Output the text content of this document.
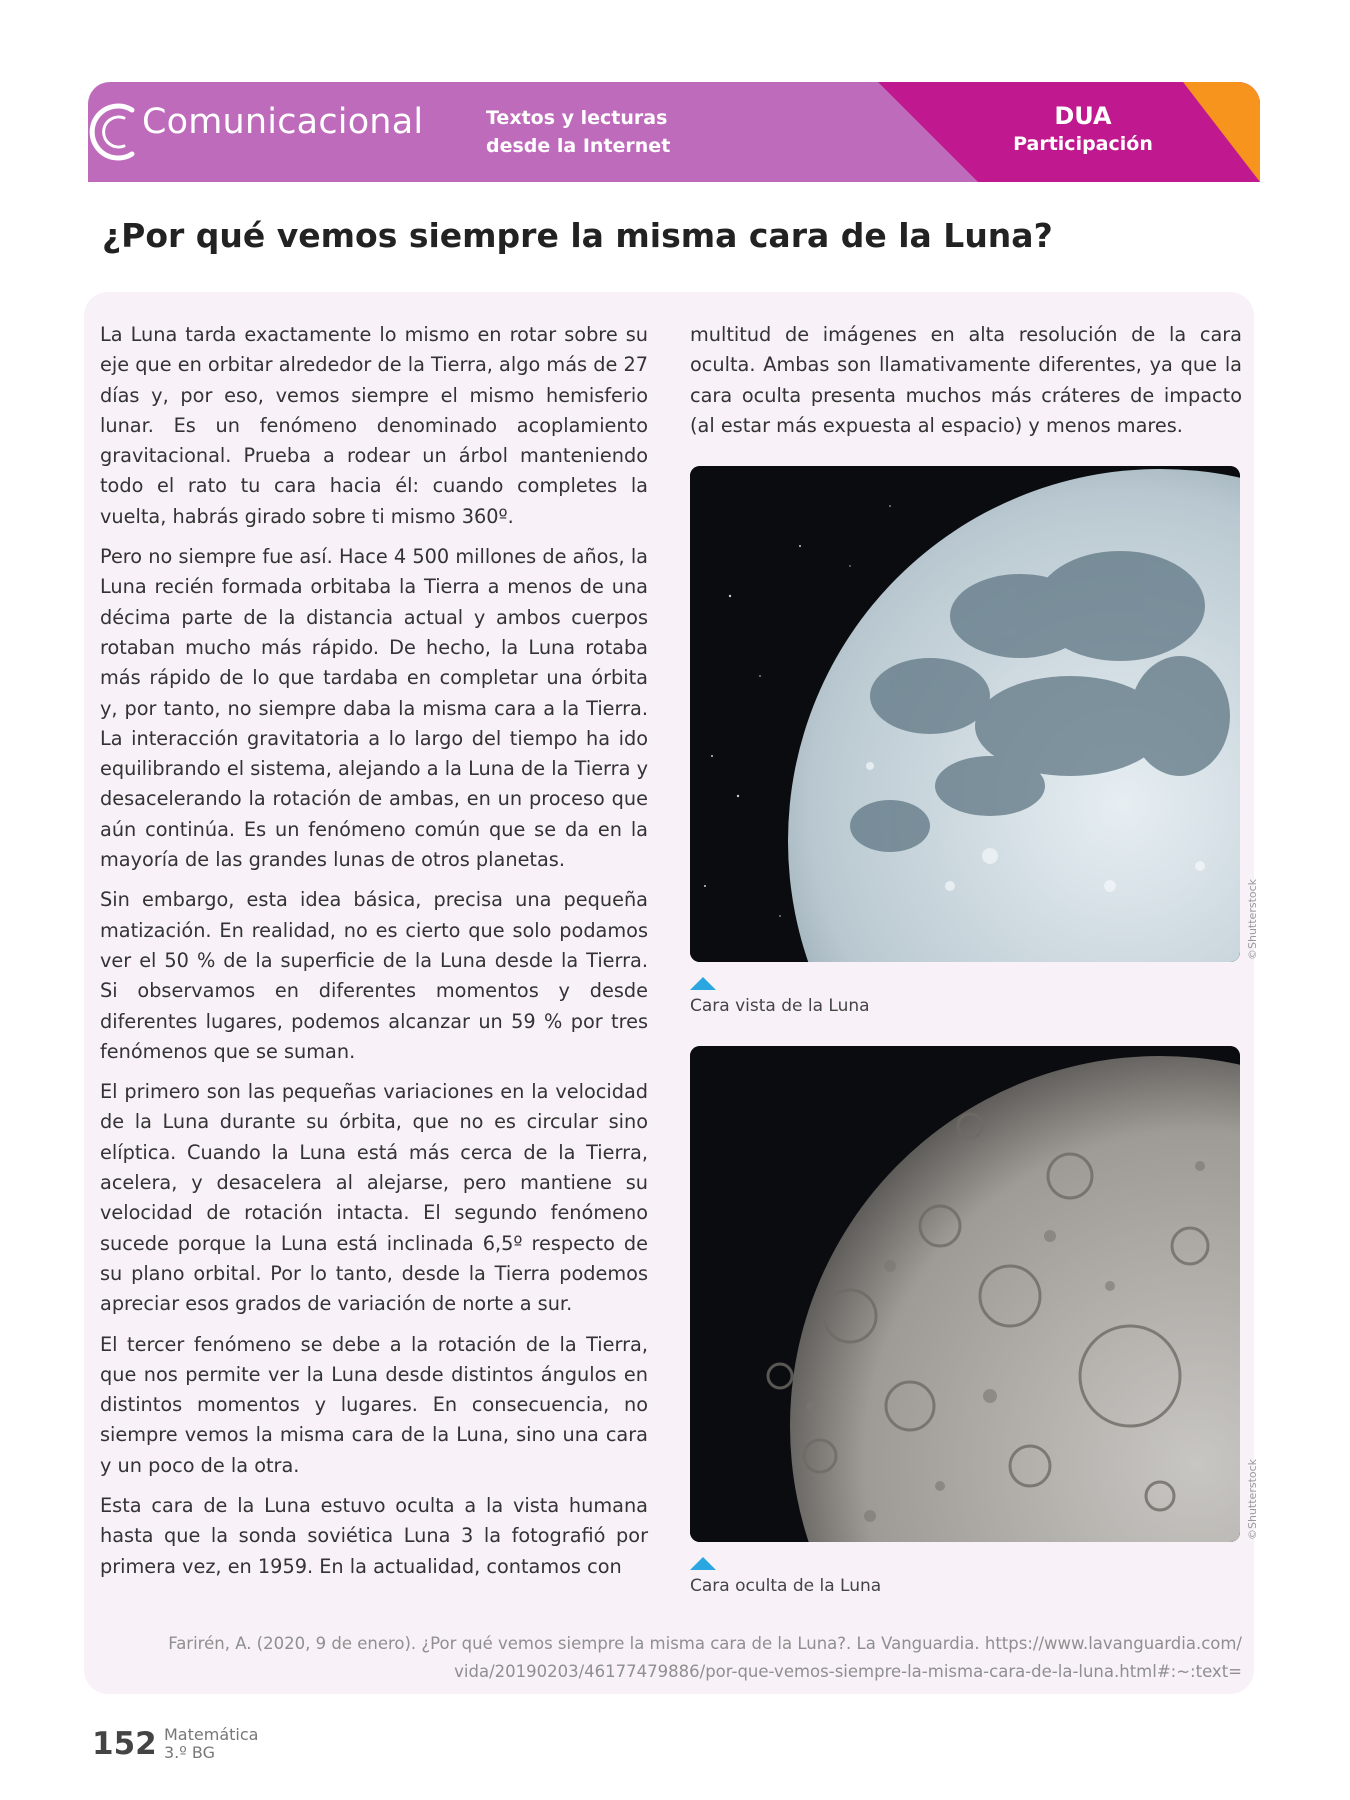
Comunicacional	Textos y lecturas
desde la Internet
DUA
Participación
¿Por qué vemos siempre la misma cara de la Luna?

La Luna tarda exactamente lo mismo en rotar sobre su eje que en orbitar alrededor de la Tierra, algo más de 27 días y, por eso, vemos siempre el mismo hemisferio lunar. Es un fenómeno denominado acoplamiento gravitacional. Prueba a rodear un árbol manteniendo todo el rato tu cara hacia él: cuando completes la vuelta, habrás girado sobre ti mismo 360º.

Pero no siempre fue así. Hace 4 500 millones de años, la Luna recién formada orbitaba la Tierra a menos de una décima parte de la distancia actual y ambos cuerpos rotaban mucho más rápido. De hecho, la Luna rotaba más rápido de lo que tardaba en completar una órbita y, por tanto, no siempre daba la misma cara a la Tierra. La interacción gravitatoria a lo largo del tiempo ha ido equilibrando el sistema, alejando a la Luna de la Tierra y desacelerando la rotación de ambas, en un proceso que aún continúa. Es un fenómeno común que se da en la mayoría de las grandes lunas de otros planetas.

Sin embargo, esta idea básica, precisa una pequeña matización. En realidad, no es cierto que solo podamos ver el 50 % de la superficie de la Luna desde la Tierra. Si observamos en diferentes momentos y desde diferentes lugares, podemos alcanzar un 59 % por tres fenómenos que se suman.

El primero son las pequeñas variaciones en la velocidad de la Luna durante su órbita, que no es circular sino elíptica. Cuando la Luna está más cerca de la Tierra, acelera, y desacelera al alejarse, pero mantiene su velocidad de rotación intacta. El segundo fenómeno sucede porque la Luna está inclinada 6,5º respecto de su plano orbital. Por lo tanto, desde la Tierra podemos apreciar esos grados de variación de norte a sur.

El tercer fenómeno se debe a la rotación de la Tierra, que nos permite ver la Luna desde distintos ángulos en distintos momentos y lugares. En consecuencia, no siempre vemos la misma cara de la Luna, sino una cara y un poco de la otra.

Esta cara de la Luna estuvo oculta a la vista humana hasta que la sonda soviética Luna 3 la fotografió por primera vez, en 1959. En la actualidad, contamos con

multitud de imágenes en alta resolución de la cara oculta. Ambas son llamativamente diferentes, ya que la cara oculta presenta muchos más cráteres de impacto (al estar más expuesta al espacio) y menos mares.

©Shutterstock
Cara vista de la Luna
©Shutterstock
Cara oculta de la Luna

Farirén, A. (2020, 9 de enero). ¿Por qué vemos siempre la misma cara de la Luna?. La Vanguardia. https://www.lavanguardia.com/
vida/20190203/46177479886/por-que-vemos-siempre-la-misma-cara-de-la-luna.html#:~:text=

152 Matemática
3.º BG
